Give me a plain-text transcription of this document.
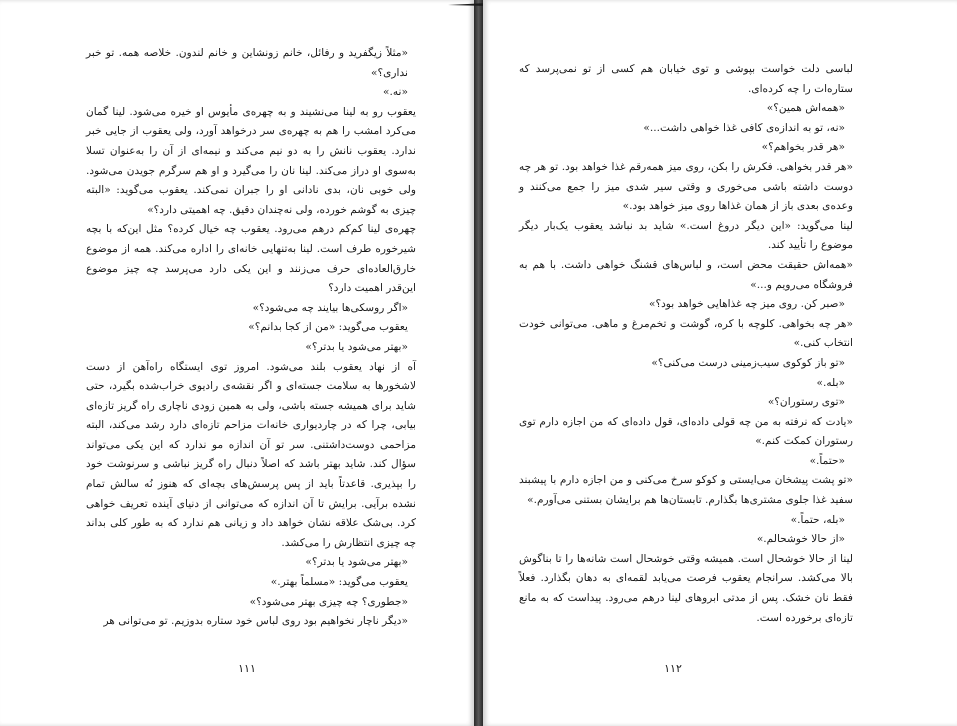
«مثلاً زیگفرید و رفائل، خانم زونشاین و خانم لندون. خلاصه همه. تو خبر نداری؟»

«نه.»

یعقوب رو به لینا می‌نشیند و به چهره‌ی مأیوس او خیره می‌شود. لینا گمان می‌کرد امشب را هم به چهره‌ی سر درخواهد آورد، ولی یعقوب از جایی خبر ندارد. یعقوب نانش را به دو نیم می‌کند و نیمه‌ای از آن را به‌عنوان تسلا به‌سوی او دراز می‌کند. لینا نان را می‌گیرد و او هم سرگرم جویدن می‌شود. ولی خوبی نان، بدی نادانی او را جبران نمی‌کند. یعقوب می‌گوید: «البته چیزی به گوشم خورده، ولی نه‌چندان دقیق. چه اهمیتی دارد؟»

چهره‌ی لینا کم‌کم درهم می‌رود. یعقوب چه خیال کرده؟ مثل این‌که با بچه شیرخوره طرف است. لینا به‌تنهایی خانه‌ای را اداره می‌کند. همه از موضوع خارق‌العاده‌ای حرف می‌زنند و این یکی دارد می‌پرسد چه چیز موضوع این‌قدر اهمیت دارد؟

«اگر روسکی‌ها بیایند چه می‌شود؟»

یعقوب می‌گوید: «من از کجا بدانم؟»

«بهتر می‌شود یا بدتر؟»

آه از نهاد یعقوب بلند می‌شود. امروز توی ایستگاه راه‌آهن از دست لاشخورها به سلامت جسته‌ای و اگر نقشه‌ی رادیوی خراب‌شده بگیرد، حتی شاید برای همیشه جسته باشی، ولی به همین زودی ناچاری راه گریز تازه‌ای بیابی، چرا که در چاردیواری خانه‌ات مزاحم تازه‌ای دارد رشد می‌کند، البته مزاحمی دوست‌داشتنی. سر تو آن اندازه مو ندارد که این یکی می‌تواند سؤال کند. شاید بهتر باشد که اصلاً دنبال راه گریز نباشی و سرنوشت خود را بپذیری. قاعدتاً باید از پس پرسش‌های بچه‌ای که هنوز نُه سالش تمام نشده برآیی. برایش تا آن اندازه که می‌توانی از دنیای آینده تعریف خواهی کرد. بی‌شک علاقه نشان خواهد داد و زیانی هم ندارد که به طور کلی بداند چه چیزی انتظارش را می‌کشد.

«بهتر می‌شود یا بدتر؟»

یعقوب می‌گوید: «مسلماً بهتر.»

«جطوری؟ چه چیزی بهتر می‌شود؟»

«دیگر ناچار نخواهیم بود روی لباس خود ستاره بدوزیم. تو می‌توانی هر

۱۱۱

لباسی دلت خواست بپوشی و توی خیابان هم کسی از تو نمی‌پرسد که ستاره‌ات را چه کرده‌ای.

«همه‌اش همین؟»

«نه، تو به اندازه‌ی کافی غذا خواهی داشت...»

«هر قدر بخواهم؟»

«هر قدر بخواهی. فکرش را بکن، روی میز همه‌رقم غذا خواهد بود. تو هر چه دوست داشته باشی می‌خوری و وقتی سیر شدی میز را جمع می‌کنند و وعده‌ی بعدی باز از همان غذاها روی میز خواهد بود.»

لینا می‌گوید: «این دیگر دروغ است.» شاید بد نباشد یعقوب یک‌بار دیگر موضوع را تأیید کند.

«همه‌اش حقیقت محض است، و لباس‌های قشنگ خواهی داشت. با هم به فروشگاه می‌رویم و...»

«صبر کن. روی میز چه غذاهایی خواهد بود؟»

«هر چه بخواهی. کلوچه با کره، گوشت و تخم‌مرغ و ماهی. می‌توانی خودت انتخاب کنی.»

«تو باز کوکوی سیب‌زمینی درست می‌کنی؟»

«بله.»

«توی رستوران؟»

«یادت که نرفته به من چه قولی داده‌ای، قول داده‌ای که من اجازه دارم توی رستوران کمکت کنم.»

«حتماً.»

«تو پشت پیشخان می‌ایستی و کوکو سرخ می‌کنی و من اجازه دارم با پیشبند سفید غذا جلوی مشتری‌ها بگذارم. تابستان‌ها هم برایشان بستنی می‌آورم.»

«بله، حتماً.»

«از حالا خوشحالم.»

لینا از حالا خوشحال است. همیشه وقتی خوشحال است شانه‌ها را تا بناگوش بالا می‌کشد. سرانجام یعقوب فرصت می‌یابد لقمه‌ای به دهان بگذارد. فعلاً فقط نان خشک. پس از مدتی ابروهای لینا درهم می‌رود. پیداست که به مانع تازه‌ای برخورده است.

۱۱۲
